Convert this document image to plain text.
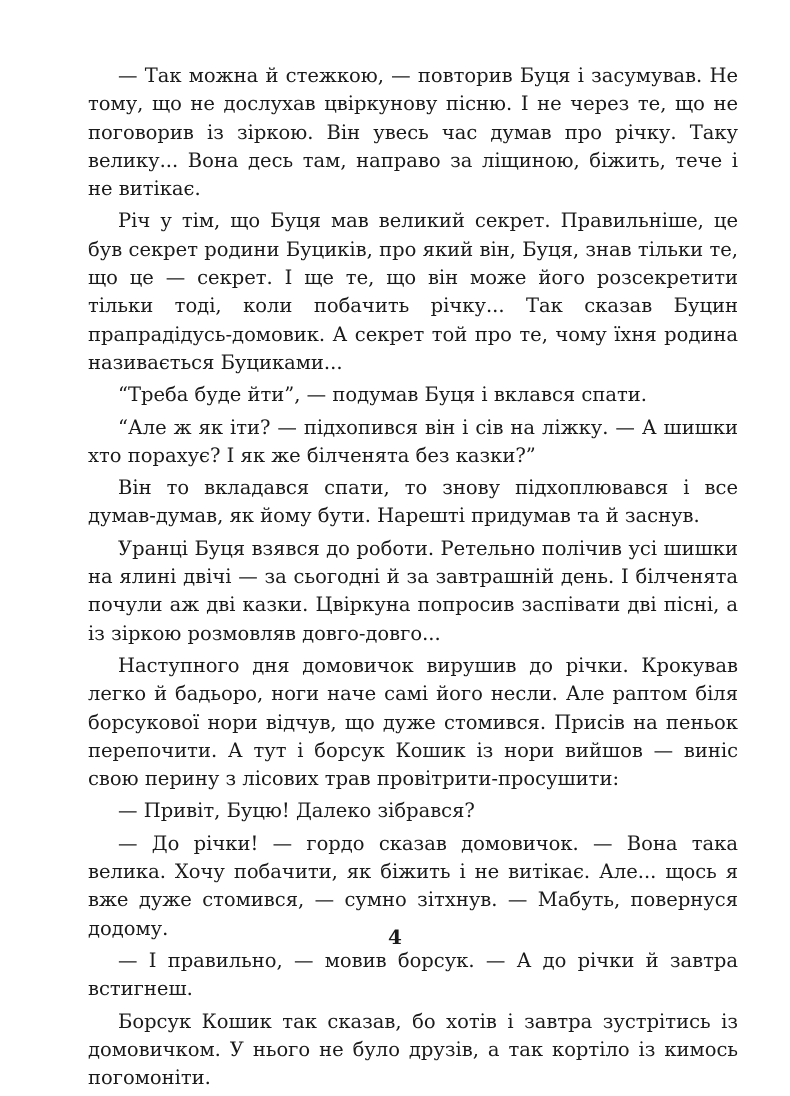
— Так можна й стежкою, — повторив Буця і засумував. Не тому, що не дослухав цвіркунову пісню. І не через те, що не поговорив із зіркою. Він увесь час думав про річку. Таку велику... Вона десь там, направо за ліщиною, біжить, тече і не витікає.

Річ у тім, що Буця мав великий секрет. Правильніше, це був секрет родини Буциків, про який він, Буця, знав тільки те, що це — секрет. І ще те, що він може його розсекретити тільки тоді, коли побачить річку... Так сказав Буцин прапрадідусь-домовик. А секрет той про те, чому їхня родина називається Буциками...

“Треба буде йти”, — подумав Буця і вклався спати.

“Але ж як іти? — підхопився він і сів на ліжку. — А шишки хто порахує? І як же білченята без казки?”

Він то вкладався спати, то знову підхоплювався і все думав-думав, як йому бути. Нарешті придумав та й заснув.

Уранці Буця взявся до роботи. Ретельно полічив усі шишки на ялині двічі — за сьогодні й за завтрашній день. І білченята почули аж дві казки. Цвіркуна попросив заспівати дві пісні, а із зіркою розмовляв довго-довго...

Наступного дня домовичок вирушив до річки. Крокував легко й бадьоро, ноги наче самі його несли. Але раптом біля борсукової нори відчув, що дуже стомився. Присів на пеньок перепочити. А тут і борсук Кошик із нори вийшов — виніс свою перину з лісових трав провітрити-просушити:

— Привіт, Буцю! Далеко зібрався?

— До річки! — гордо сказав домовичок. — Вона така велика. Хочу побачити, як біжить і не витікає. Але... щось я вже дуже стомився, — сумно зітхнув. — Мабуть, повернуся додому.

— І правильно, — мовив борсук. — А до річки й завтра встигнеш.

Борсук Кошик так сказав, бо хотів і завтра зустрітись із домовичком. У нього не було друзів, а так кортіло із кимось погомоніти.

4
